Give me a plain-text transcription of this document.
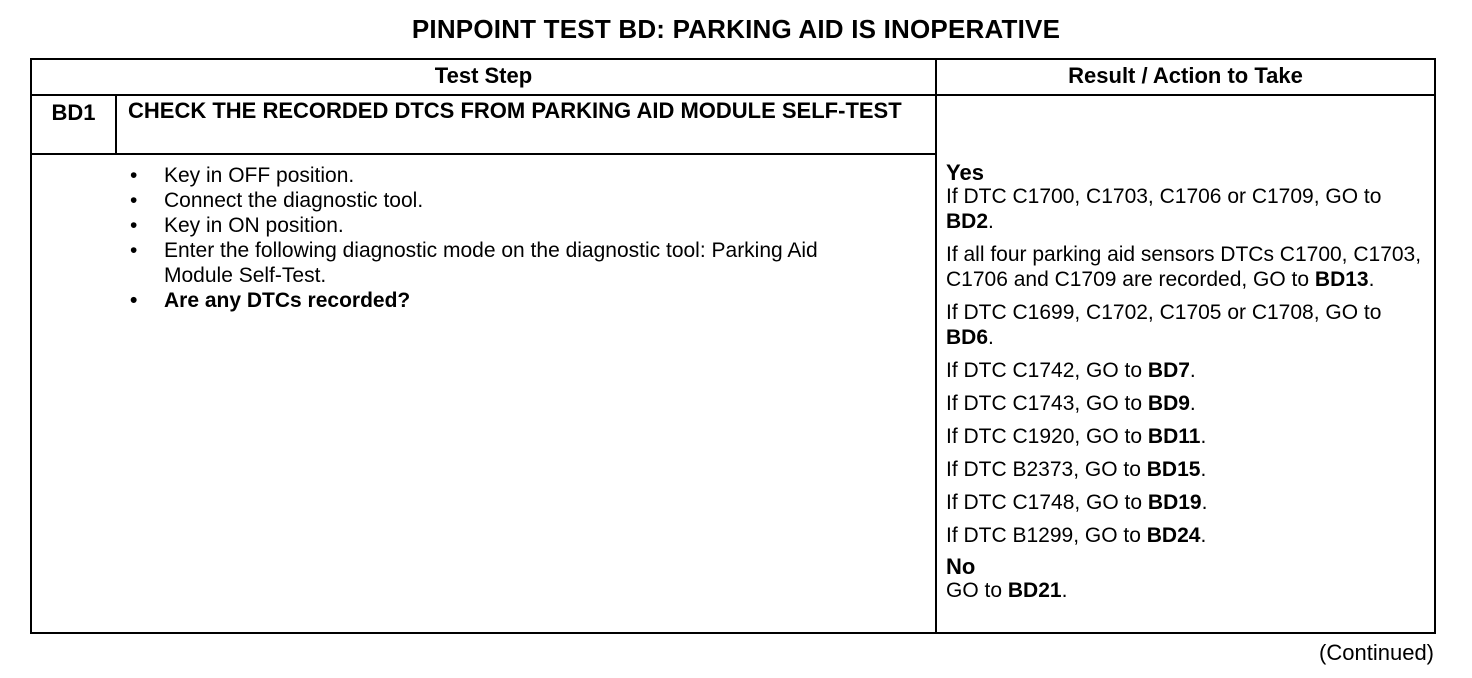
PINPOINT TEST BD: PARKING AID IS INOPERATIVE
Test Step	Result / Action to Take
BD1	CHECK THE RECORDED DTCS FROM PARKING AID MODULE SELF-TEST
• Key in OFF position.
• Connect the diagnostic tool.
• Key in ON position.
• Enter the following diagnostic mode on the diagnostic tool: Parking Aid Module Self-Test.
• Are any DTCs recorded?
Yes

If DTC C1700, C1703, C1706 or C1709, GO to BD2.

If all four parking aid sensors DTCs C1700, C1703, C1706 and C1709 are recorded, GO to BD13.

If DTC C1699, C1702, C1705 or C1708, GO to BD6.

If DTC C1742, GO to BD7.

If DTC C1743, GO to BD9.

If DTC C1920, GO to BD11.

If DTC B2373, GO to BD15.

If DTC C1748, GO to BD19.

If DTC B1299, GO to BD24.

No

GO to BD21.

(Continued)
